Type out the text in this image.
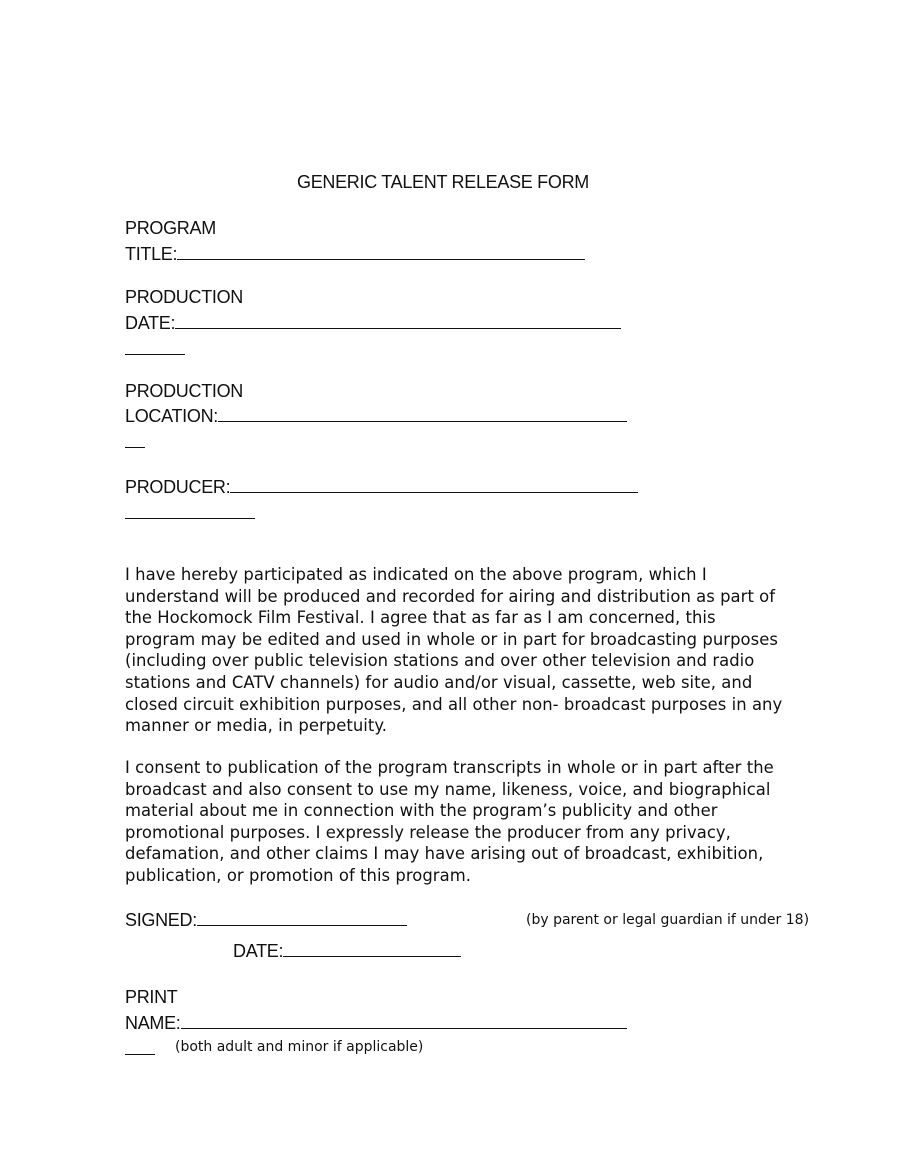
GENERIC TALENT RELEASE FORM
PROGRAM
TITLE:
PRODUCTION
DATE:
PRODUCTION
LOCATION:
PRODUCER:
I have hereby participated as indicated on the above program, which I
understand will be produced and recorded for airing and distribution as part of
the Hockomock Film Festival. I agree that as far as I am concerned, this
program may be edited and used in whole or in part for broadcasting purposes
(including over public television stations and over other television and radio
stations and CATV channels) for audio and/or visual, cassette, web site, and
closed circuit exhibition purposes, and all other non- broadcast purposes in any
manner or media, in perpetuity.
I consent to publication of the program transcripts in whole or in part after the
broadcast and also consent to use my name, likeness, voice, and biographical
material about me in connection with the program’s publicity and other
promotional purposes. I expressly release the producer from any privacy,
defamation, and other claims I may have arising out of broadcast, exhibition,
publication, or promotion of this program.
SIGNED:	(by parent or legal guardian if under 18)
DATE:
PRINT
NAME:
(both adult and minor if applicable)
